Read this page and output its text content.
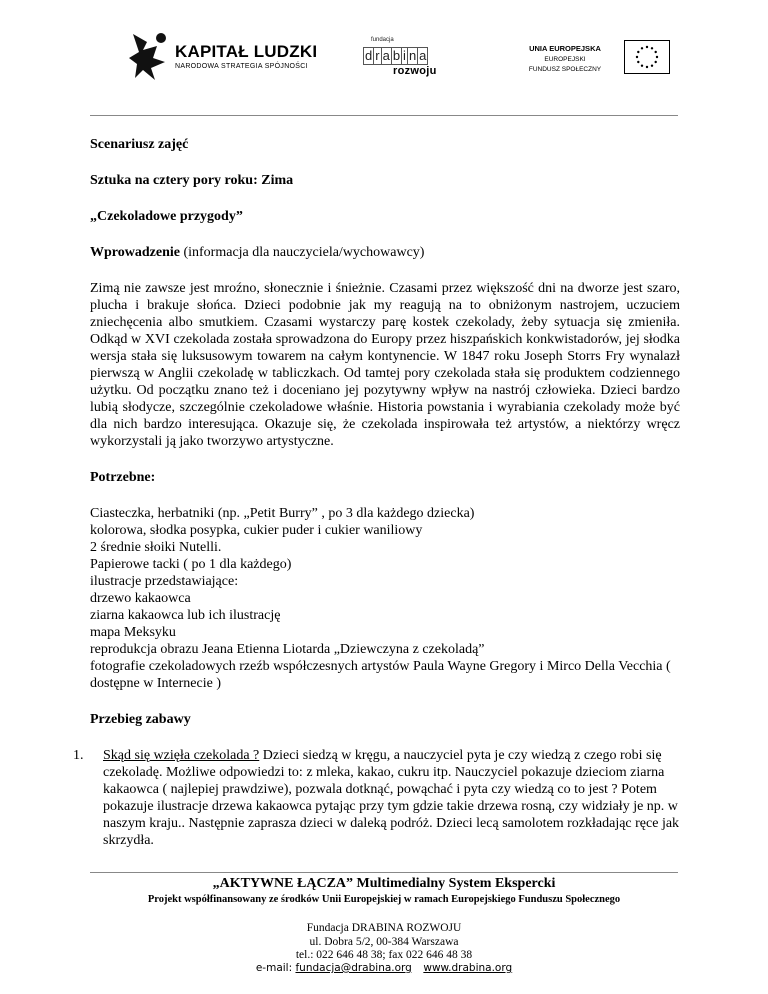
KAPITAŁ LUDZKI
NARODOWA STRATEGIA SPÓJNOŚCI
fundacja
d r a b i n a
rozwoju
UNIA EUROPEJSKA
EUROPEJSKI
FUNDUSZ SPOŁECZNY

Scenariusz zajęć

Sztuka na cztery pory roku: Zima

„Czekoladowe przygody”

Wprowadzenie (informacja dla nauczyciela/wychowawcy)

Zimą nie zawsze jest mroźno, słonecznie i śnieżnie. Czasami przez większość dni na dworze jest szaro, plucha i brakuje słońca. Dzieci podobnie jak my reagują na to obniżonym nastrojem, uczuciem zniechęcenia albo smutkiem. Czasami wystarczy parę kostek czekolady, żeby sytuacja się zmieniła. Odkąd w XVI czekolada została sprowadzona do Europy przez hiszpańskich konkwistadorów, jej słodka wersja stała się luksusowym towarem na całym kontynencie. W 1847 roku Joseph Storrs Fry wynalazł pierwszą w Anglii czekoladę w tabliczkach. Od tamtej pory czekolada stała się produktem codziennego użytku. Od początku znano też i doceniano jej pozytywny wpływ na nastrój człowieka. Dzieci bardzo lubią słodycze, szczególnie czekoladowe właśnie. Historia powstania i wyrabiania czekolady może być dla nich bardzo interesująca. Okazuje się, że czekolada inspirowała też artystów, a niektórzy wręcz wykorzystali ją jako tworzywo artystyczne.

Potrzebne:

Ciasteczka, herbatniki (np. „Petit Burry” , po 3 dla każdego dziecka)

kolorowa, słodka posypka, cukier puder i cukier waniliowy

2 średnie słoiki Nutelli.

Papierowe tacki ( po 1 dla każdego)

ilustracje przedstawiające:

drzewo kakaowca

ziarna kakaowca lub ich ilustrację

mapa Meksyku

reprodukcja obrazu Jeana Etienna Liotarda „Dziewczyna z czekoladą”

fotografie czekoladowych rzeźb współczesnych artystów Paula Wayne Gregory i Mirco Della Vecchia ( dostępne w Internecie )

Przebieg zabawy

1. Skąd się wzięła czekolada ? Dzieci siedzą w kręgu, a nauczyciel pyta je czy wiedzą z czego robi się czekoladę. Możliwe odpowiedzi to: z mleka, kakao, cukru itp. Nauczyciel pokazuje dzieciom ziarna kakaowca ( najlepiej prawdziwe), pozwala dotknąć, powąchać i pyta czy wiedzą co to jest ? Potem pokazuje ilustracje drzewa kakaowca pytając przy tym gdzie takie drzewa rosną, czy widziały je np. w naszym kraju.. Następnie zaprasza dzieci w daleką podróż. Dzieci lecą samolotem rozkładając ręce jak skrzydła.
„AKTYWNE ŁĄCZA” Multimedialny System Ekspercki
Projekt współfinansowany ze środków Unii Europejskiej w ramach Europejskiego Funduszu Społecznego
Fundacja DRABINA ROZWOJU
ul. Dobra 5/2, 00-384 Warszawa
tel.: 022 646 48 38; fax 022 646 48 38
e-mail: fundacja@drabina.org www.drabina.org
